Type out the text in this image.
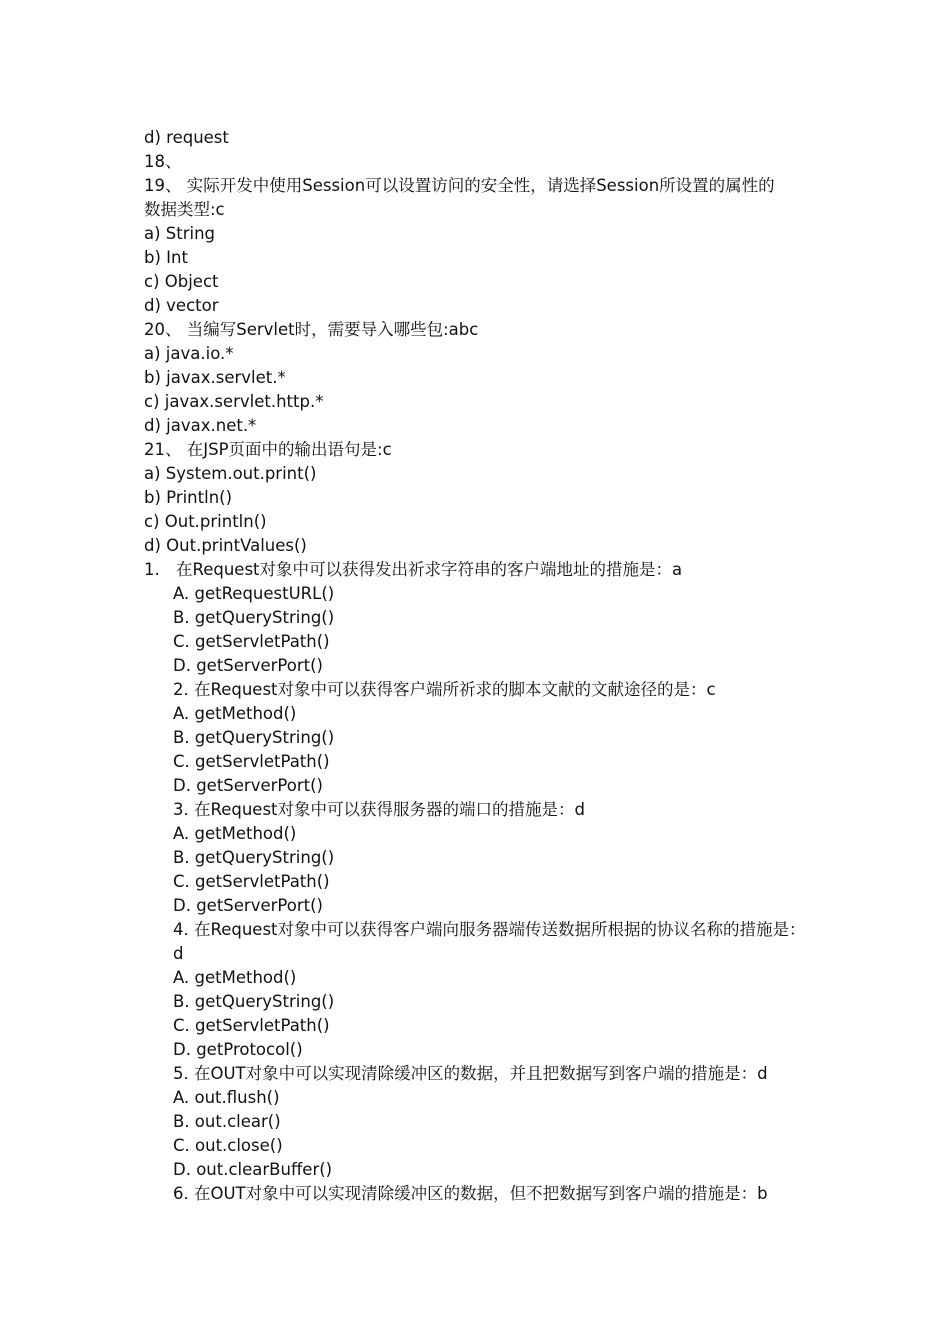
d) request

18、

19、 实际开发中使用Session可以设置访问的安全性，请选择Session所设置的属性的

数据类型:c

a) String

b) Int

c) Object

d) vector

20、 当编写Servlet时，需要导入哪些包:abc

a) java.io.*

b) javax.servlet.*

c) javax.servlet.http.*

d) javax.net.*

21、 在JSP页面中的输出语句是:c

a) System.out.print()

b) Println()

c) Out.println()

d) Out.printValues()

1. 在Request对象中可以获得发出祈求字符串的客户端地址的措施是：a

A. getRequestURL()

B. getQueryString()

C. getServletPath()

D. getServerPort()

2. 在Request对象中可以获得客户端所祈求的脚本文献的文献途径的是：c

A. getMethod()

B. getQueryString()

C. getServletPath()

D. getServerPort()

3. 在Request对象中可以获得服务器的端口的措施是：d

A. getMethod()

B. getQueryString()

C. getServletPath()

D. getServerPort()

4. 在Request对象中可以获得客户端向服务器端传送数据所根据的协议名称的措施是：

d

A. getMethod()

B. getQueryString()

C. getServletPath()

D. getProtocol()

5. 在OUT对象中可以实现清除缓冲区的数据，并且把数据写到客户端的措施是：d

A. out.flush()

B. out.clear()

C. out.close()

D. out.clearBuffer()

6. 在OUT对象中可以实现清除缓冲区的数据，但不把数据写到客户端的措施是：b
